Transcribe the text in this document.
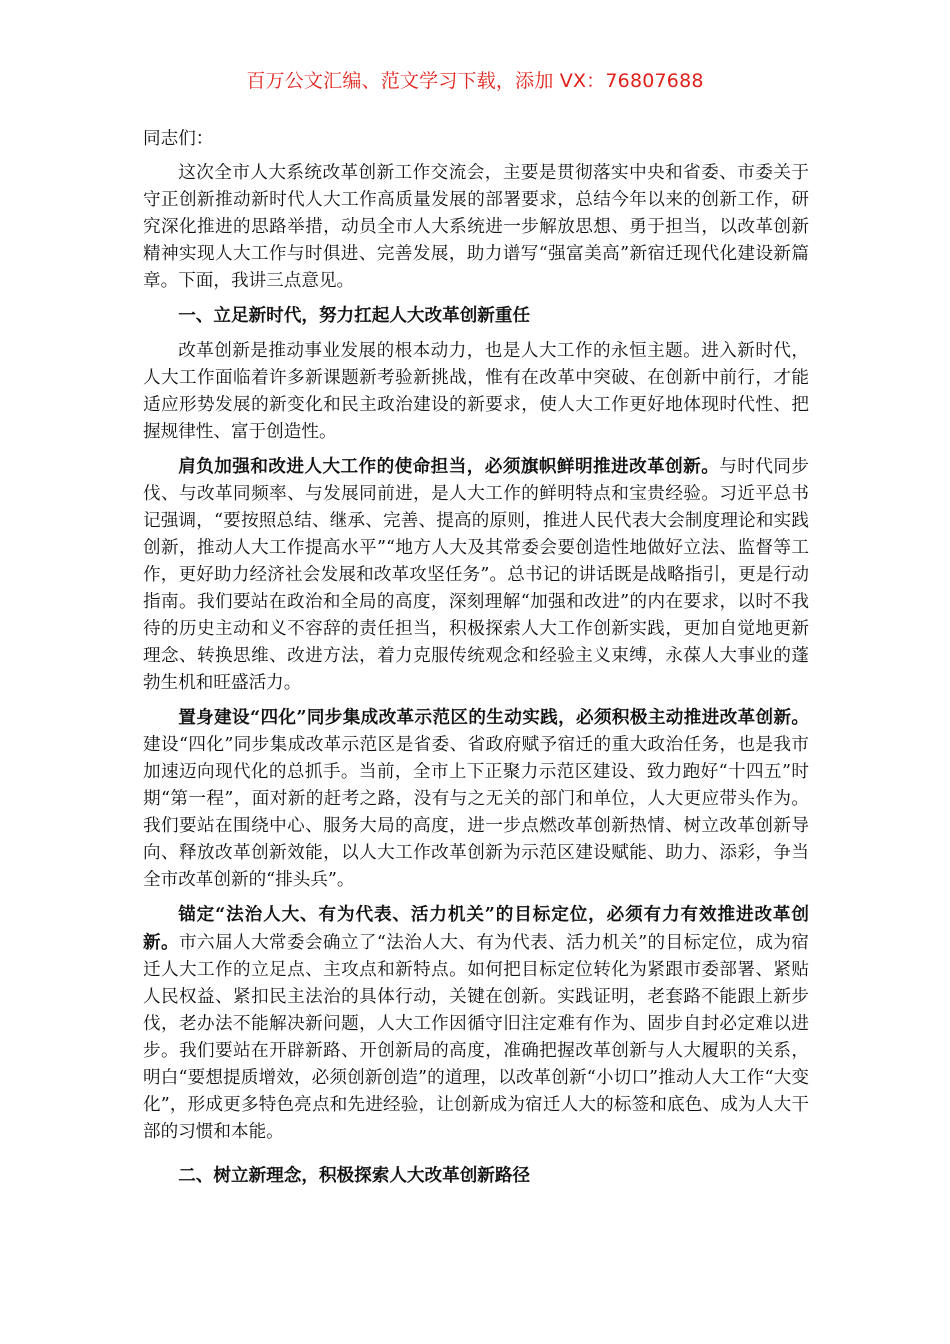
百万公文汇编、范文学习下载，添加 VX：76807688

同志们：

这次全市人大系统改革创新工作交流会，主要是贯彻落实中央和省委、市委关于守正创新推动新时代人大工作高质量发展的部署要求，总结今年以来的创新工作，研究深化推进的思路举措，动员全市人大系统进一步解放思想、勇于担当，以改革创新精神实现人大工作与时俱进、完善发展，助力谱写“强富美高”新宿迁现代化建设新篇章。下面，我讲三点意见。

一、立足新时代，努力扛起人大改革创新重任

改革创新是推动事业发展的根本动力，也是人大工作的永恒主题。进入新时代，人大工作面临着许多新课题新考验新挑战，惟有在改革中突破、在创新中前行，才能适应形势发展的新变化和民主政治建设的新要求，使人大工作更好地体现时代性、把握规律性、富于创造性。

肩负加强和改进人大工作的使命担当，必须旗帜鲜明推进改革创新。与时代同步伐、与改革同频率、与发展同前进，是人大工作的鲜明特点和宝贵经验。习近平总书记强调，“要按照总结、继承、完善、提高的原则，推进人民代表大会制度理论和实践创新，推动人大工作提高水平”“地方人大及其常委会要创造性地做好立法、监督等工作，更好助力经济社会发展和改革攻坚任务”。总书记的讲话既是战略指引，更是行动指南。我们要站在政治和全局的高度，深刻理解“加强和改进”的内在要求，以时不我待的历史主动和义不容辞的责任担当，积极探索人大工作创新实践，更加自觉地更新理念、转换思维、改进方法，着力克服传统观念和经验主义束缚，永葆人大事业的蓬勃生机和旺盛活力。

置身建设“四化”同步集成改革示范区的生动实践，必须积极主动推进改革创新。建设“四化”同步集成改革示范区是省委、省政府赋予宿迁的重大政治任务，也是我市加速迈向现代化的总抓手。当前，全市上下正聚力示范区建设、致力跑好“十四五”时期“第一程”，面对新的赶考之路，没有与之无关的部门和单位，人大更应带头作为。我们要站在围绕中心、服务大局的高度，进一步点燃改革创新热情、树立改革创新导向、释放改革创新效能，以人大工作改革创新为示范区建设赋能、助力、添彩，争当全市改革创新的“排头兵”。

锚定“法治人大、有为代表、活力机关”的目标定位，必须有力有效推进改革创新。市六届人大常委会确立了“法治人大、有为代表、活力机关”的目标定位，成为宿迁人大工作的立足点、主攻点和新特点。如何把目标定位转化为紧跟市委部署、紧贴人民权益、紧扣民主法治的具体行动，关键在创新。实践证明，老套路不能跟上新步伐，老办法不能解决新问题，人大工作因循守旧注定难有作为、固步自封必定难以进步。我们要站在开辟新路、开创新局的高度，准确把握改革创新与人大履职的关系，明白“要想提质增效，必须创新创造”的道理，以改革创新“小切口”推动人大工作“大变化”，形成更多特色亮点和先进经验，让创新成为宿迁人大的标签和底色、成为人大干部的习惯和本能。

二、树立新理念，积极探索人大改革创新路径
